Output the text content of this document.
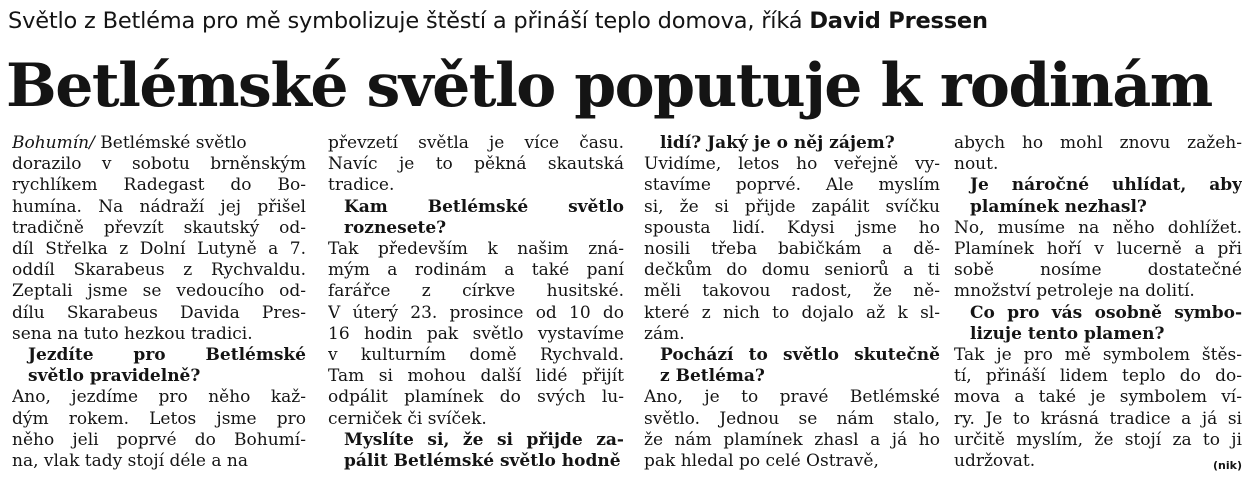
Světlo z Betléma pro mě symbolizuje štěstí a přináší teplo domova, říká David Pressen
Betlémské světlo poputuje k rodinám

Bohumín/ Betlémské světlo

dorazilo v sobotu brněnským

rychlíkem Radegast do Bo-

humína. Na nádraží jej přišel

tradičně převzít skautský od-

díl Střelka z Dolní Lutyně a 7.

oddíl Skarabeus z Rychvaldu.

Zeptali jsme se vedoucího od-

dílu Skarabeus Davida Pres-

sena na tuto hezkou tradici.

Jezdíte pro Betlémské

světlo pravidelně?

Ano, jezdíme pro něho kaž-

dým rokem. Letos jsme pro

něho jeli poprvé do Bohumí-

na, vlak tady stojí déle a na

převzetí světla je více času.

Navíc je to pěkná skautská

tradice.

Kam Betlémské světlo

roznesete?

Tak především k našim zná-

mým a rodinám a také paní

farářce z církve husitské.

V úterý 23. prosince od 10 do

16 hodin pak světlo vystavíme

v kulturním domě Rychvald.

Tam si mohou další lidé přijít

odpálit plamínek do svých lu-

cerniček či svíček.

Myslíte si, že si přijde za-

pálit Betlémské světlo hodně

lidí? Jaký je o něj zájem?

Uvidíme, letos ho veřejně vy-

stavíme poprvé. Ale myslím

si, že si přijde zapálit svíčku

spousta lidí. Kdysi jsme ho

nosili třeba babičkám a dě-

dečkům do domu seniorů a ti

měli takovou radost, že ně-

které z nich to dojalo až k sl-

zám.

Pochází to světlo skutečně

z Betléma?

Ano, je to pravé Betlémské

světlo. Jednou se nám stalo,

že nám plamínek zhasl a já ho

pak hledal po celé Ostravě,

abych ho mohl znovu zažeh-

nout.

Je náročné uhlídat, aby

plamínek nezhasl?

No, musíme na něho dohlížet.

Plamínek hoří v lucerně a při

sobě nosíme dostatečné

množství petroleje na dolití.

Co pro vás osobně symbo-

lizuje tento plamen?

Tak je pro mě symbolem štěs-

tí, přináší lidem teplo do do-

mova a také je symbolem ví-

ry. Je to krásná tradice a já si

určitě myslím, že stojí za to ji

udržovat.	(nik)
